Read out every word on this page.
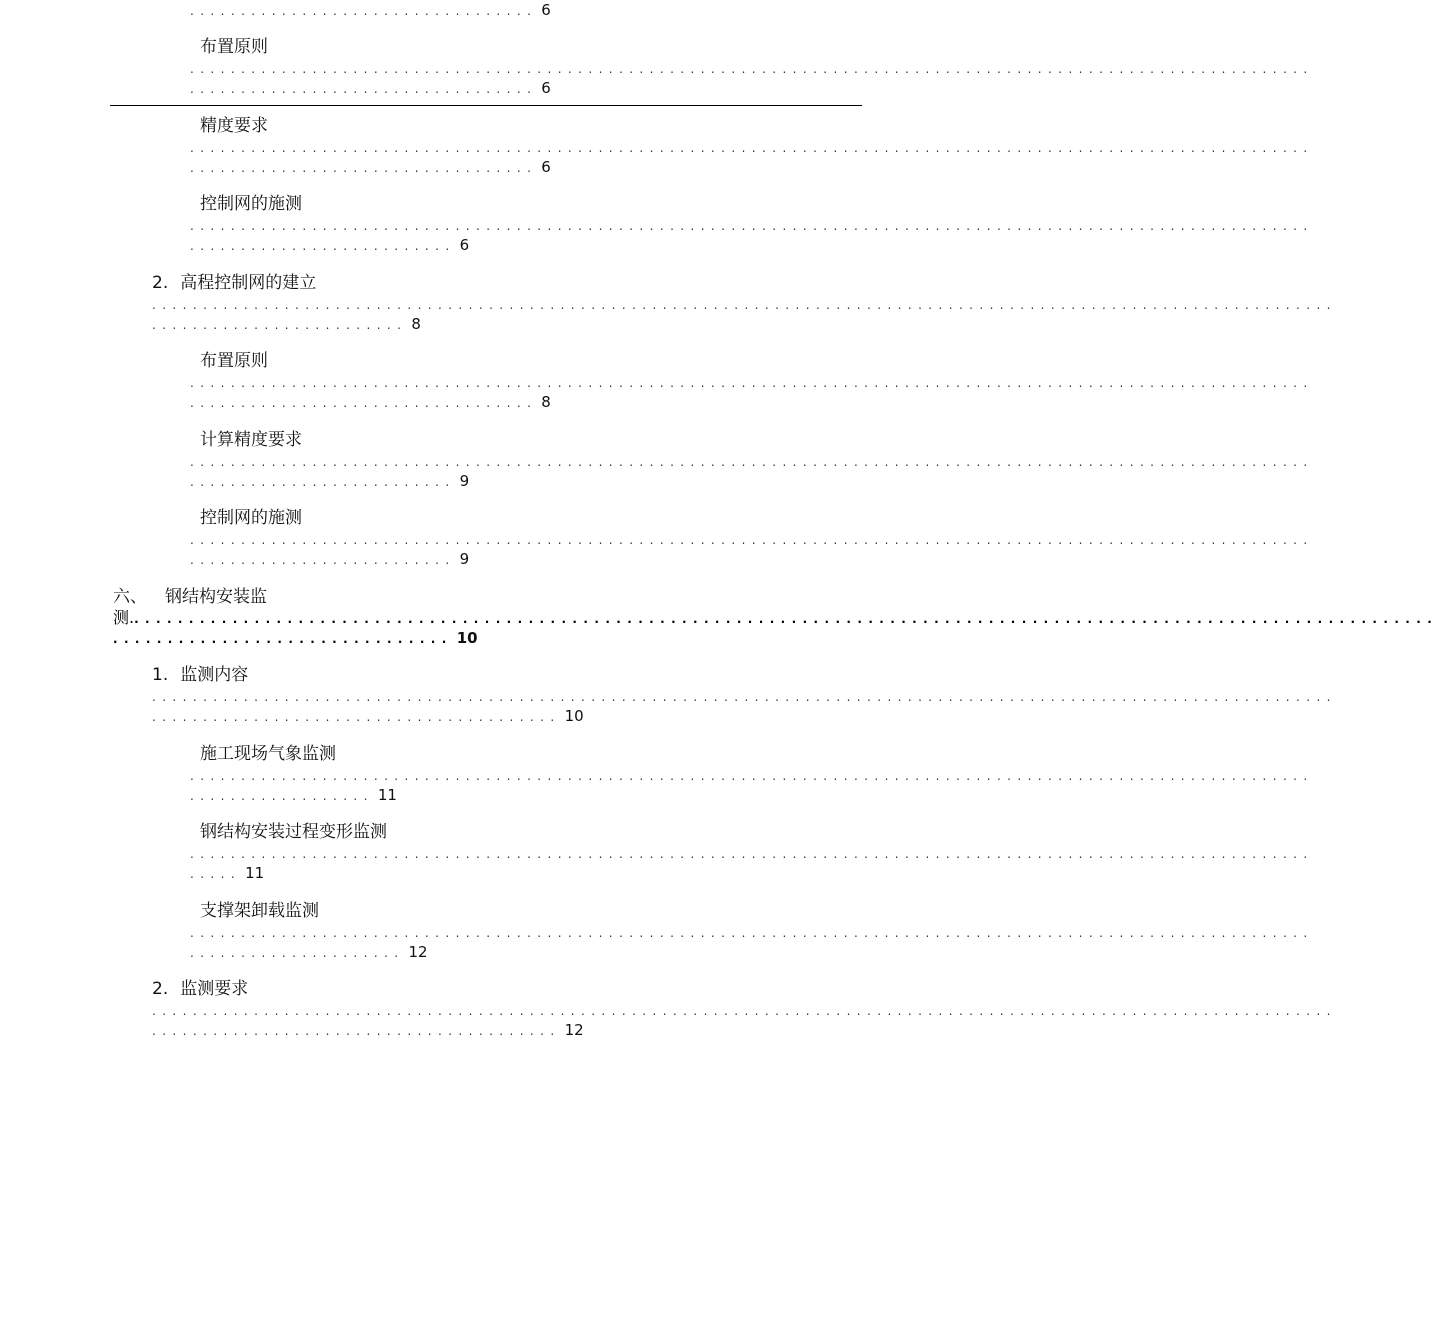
.................................. 6
布置原则
..............................................................................................................
.................................. 6
精度要求
..............................................................................................................
.................................. 6
控制网的施测
..............................................................................................................
.......................... 6
2. 高程控制网的建立
....................................................................................................................
......................... 8
布置原则
..............................................................................................................
.................................. 8
计算精度要求
..............................................................................................................
.......................... 9
控制网的施测
..............................................................................................................
.......................... 9
六、 钢结构安装监
测........................................................................................................................
............................... 10
1. 监测内容
....................................................................................................................
........................................ 10
施工现场气象监测
..............................................................................................................
.................. 11
钢结构安装过程变形监测
..............................................................................................................
..... 11
支撑架卸载监测
..............................................................................................................
..................... 12
2. 监测要求
....................................................................................................................
........................................ 12
